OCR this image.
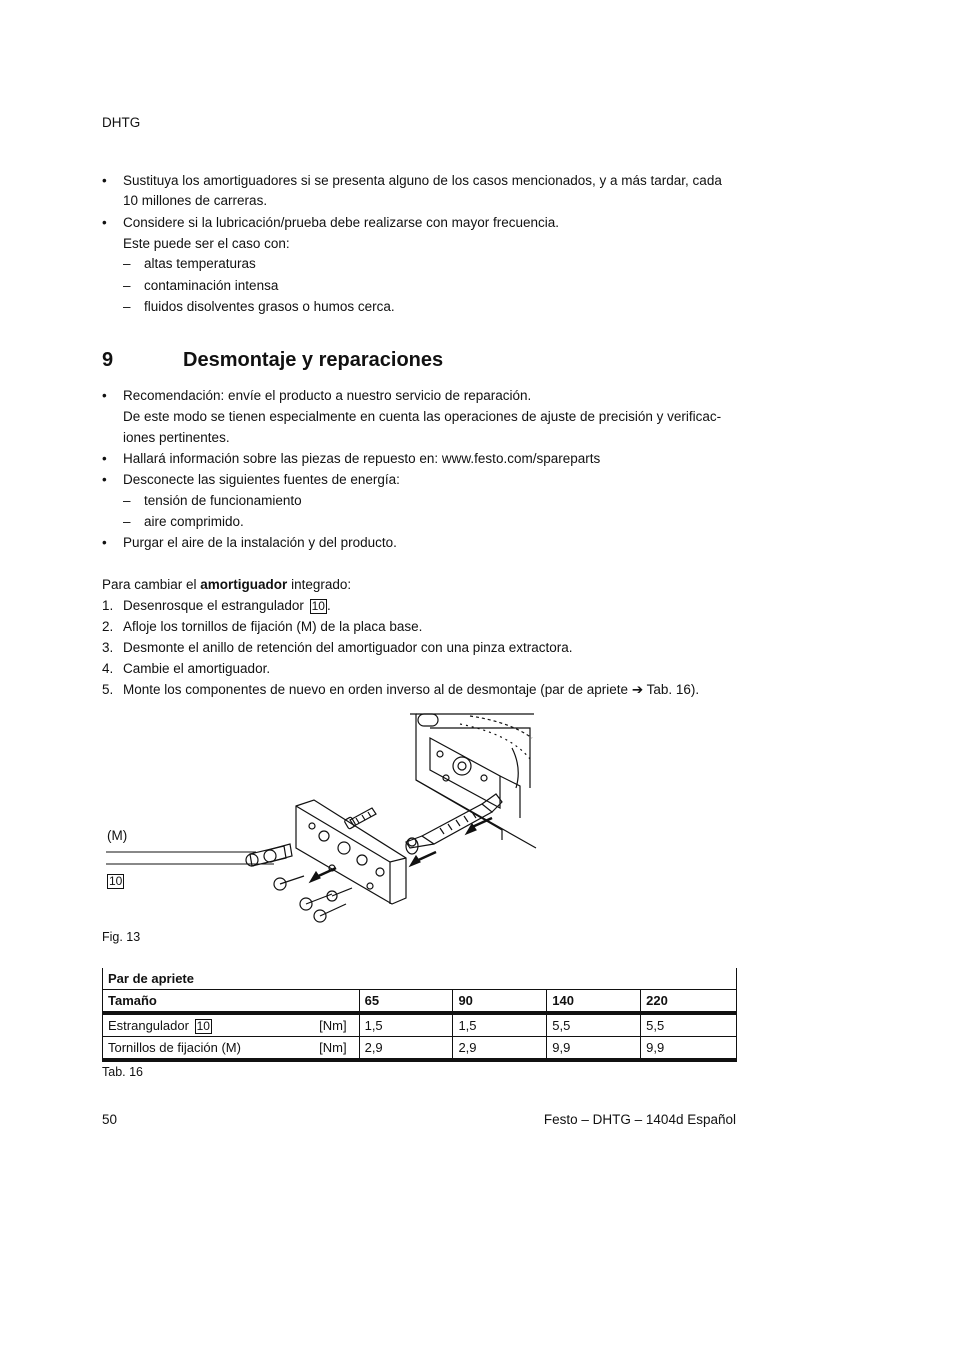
DHTG
• Sustituya los amortiguadores si se presenta alguno de los casos mencionados, y a más tardar, cada
10 millones de carreras.
• Considere si la lubricación/prueba debe realizarse con mayor frecuencia.
Este puede ser el caso con:
– altas temperaturas
– contaminación intensa
– fluidos disolventes grasos o humos cerca.
9	Desmontaje y reparaciones
• Recomendación: envíe el producto a nuestro servicio de reparación.
De este modo se tienen especialmente en cuenta las operaciones de ajuste de precisión y verificac-
iones pertinentes.
• Hallará información sobre las piezas de repuesto en: www.festo.com/spareparts
• Desconecte las siguientes fuentes de energía:
– tensión de funcionamiento
– aire comprimido.
• Purgar el aire de la instalación y del producto.
Para cambiar el amortiguador integrado:
1. Desenrosque el estrangulador 10 .
2. Afloje los tornillos de fijación (M) de la placa base.
3. Desmonte el anillo de retención del amortiguador con una pinza extractora.
4. Cambie el amortiguador.
5. Monte los componentes de nuevo en orden inverso al de desmontaje (par de apriete ➔ Tab. 16).
(M)
10
Fig. 13
Par de apriete				
Tamaño	65	90	140	220
Estrangulador 10 [Nm]	1,5	1,5	5,5	5,5
Tornillos de fijación (M) [Nm]	2,9	2,9	9,9	9,9
Tab. 16
50	Festo – DHTG – 1404d Español
